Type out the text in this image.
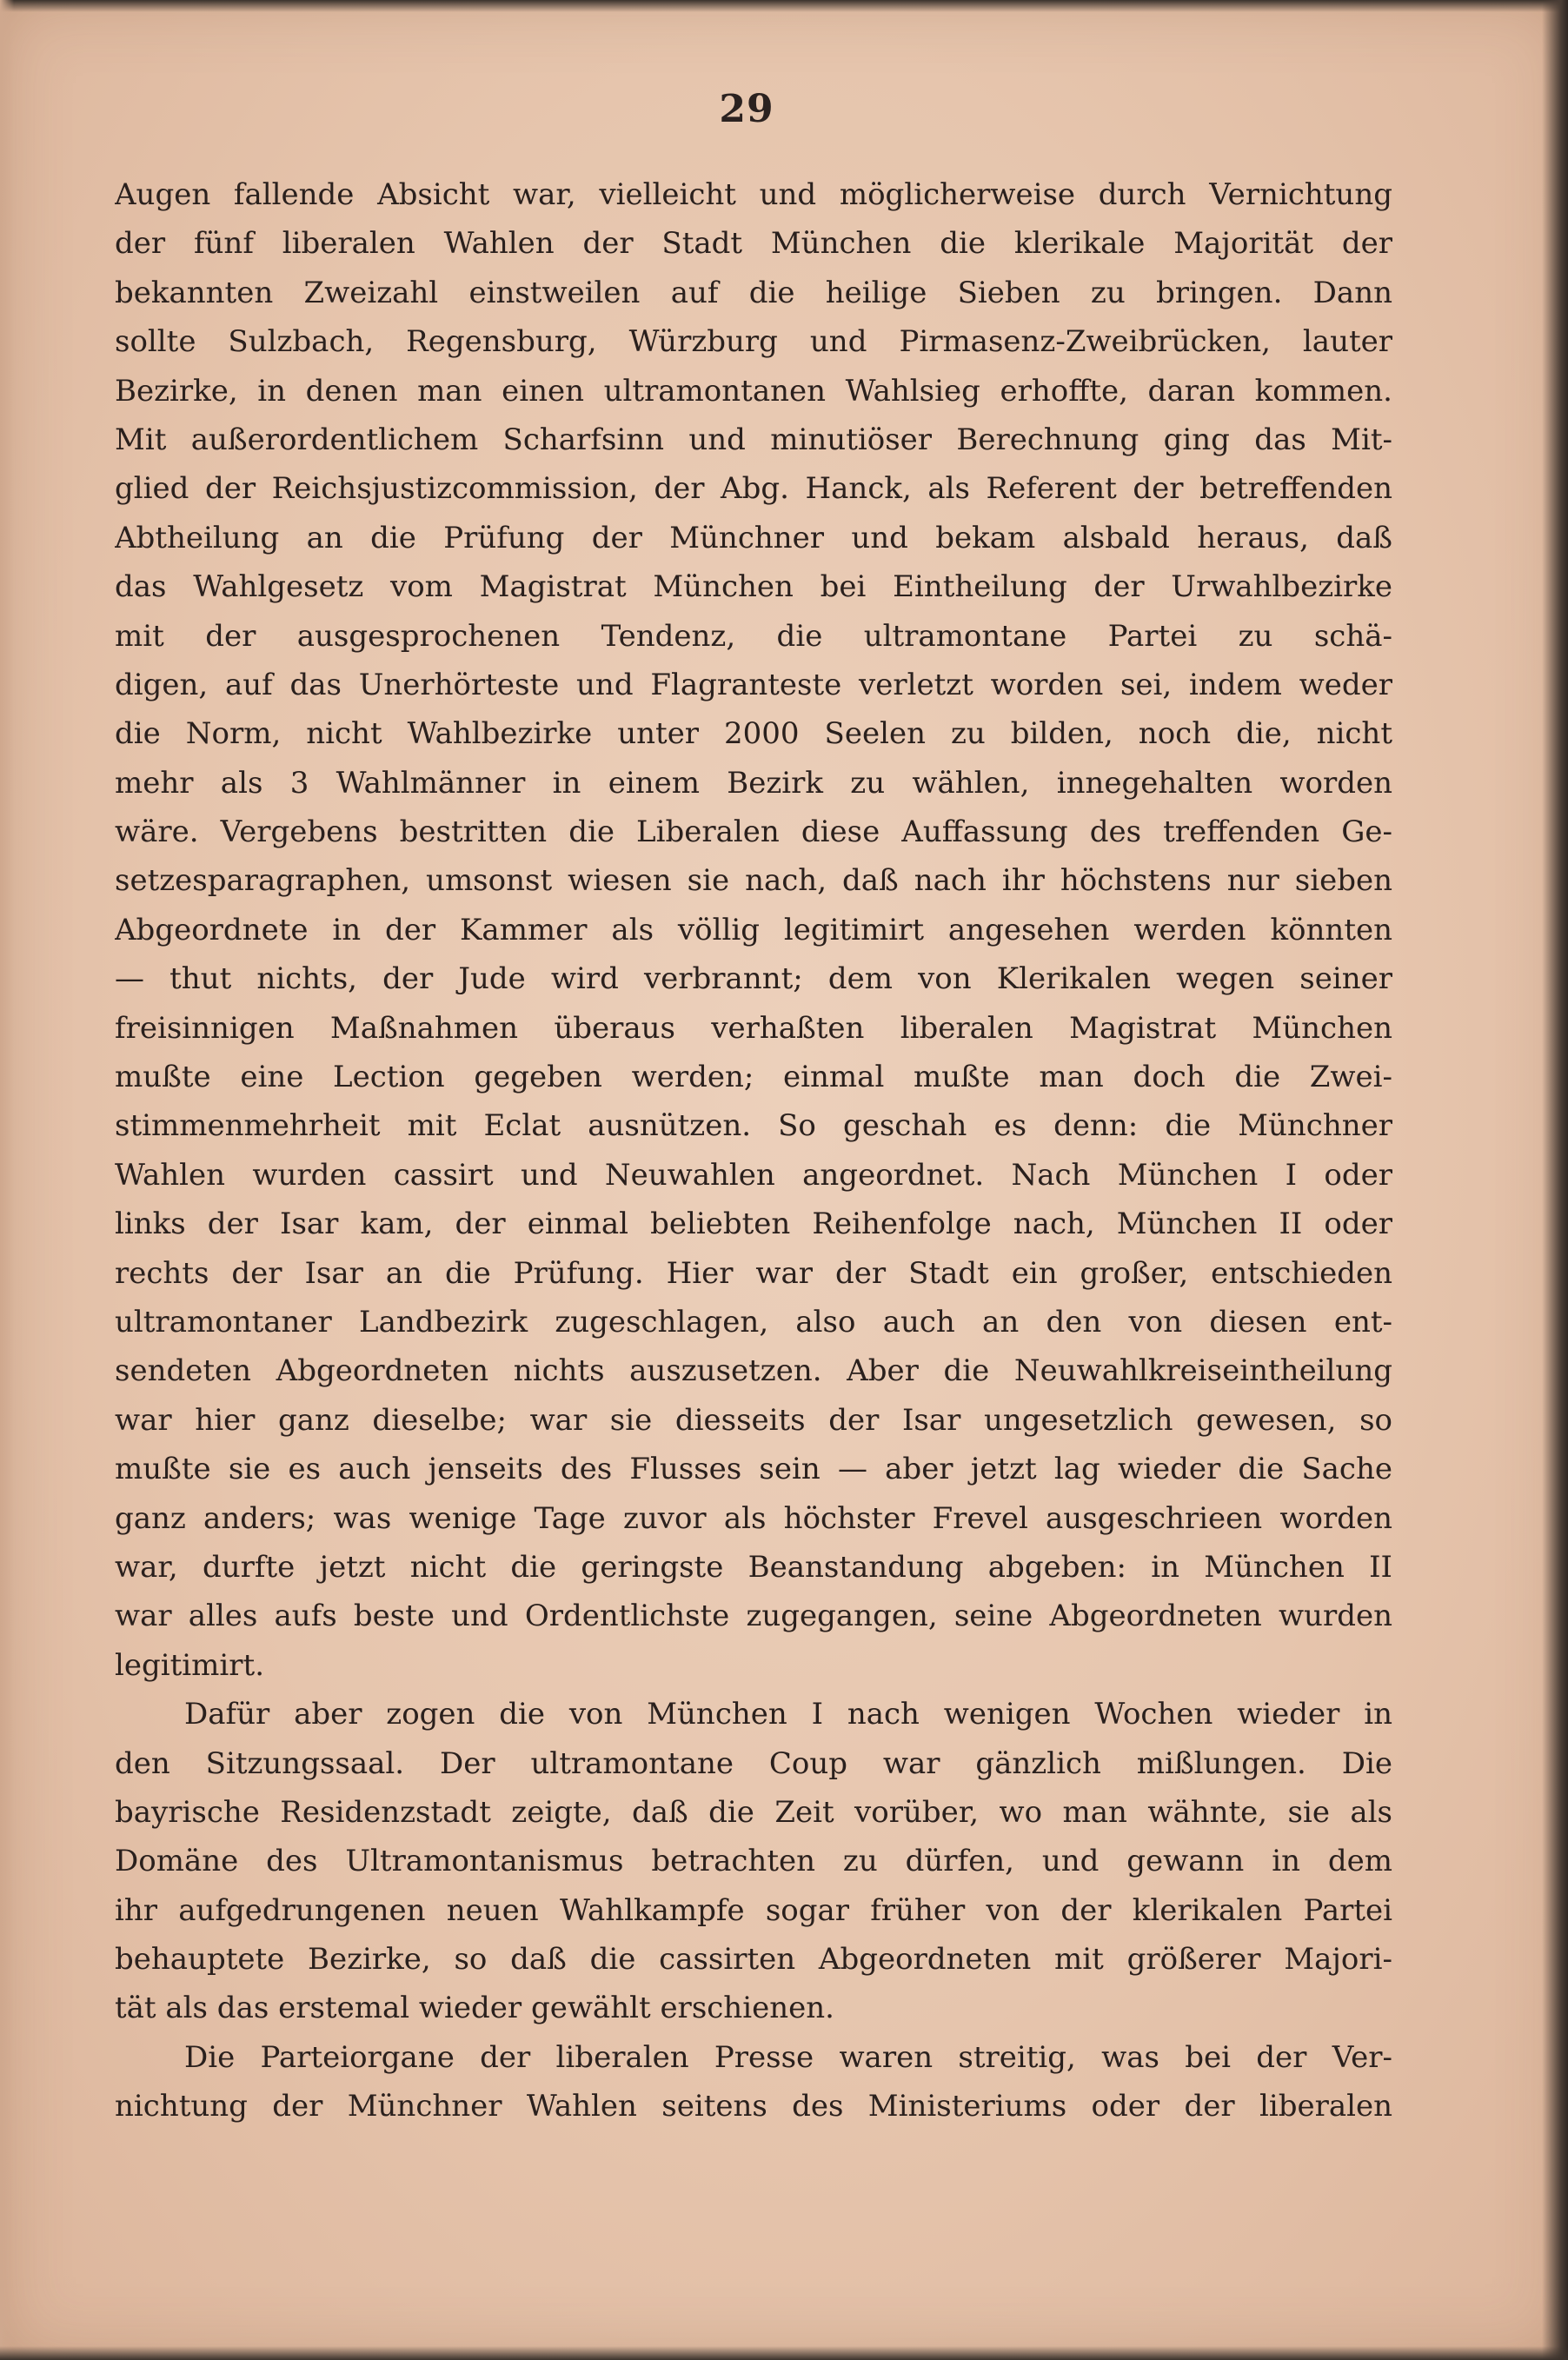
29
Augen fallende Absicht war, vielleicht und möglicherweise durch Vernichtung
der fünf liberalen Wahlen der Stadt München die klerikale Majorität der
bekannten Zweizahl einstweilen auf die heilige Sieben zu bringen. Dann
sollte Sulzbach, Regensburg, Würzburg und Pirmasenz-Zweibrücken, lauter
Bezirke, in denen man einen ultramontanen Wahlsieg erhoffte, daran kommen.
Mit außerordentlichem Scharfsinn und minutiöser Berechnung ging das Mit-
glied der Reichsjustizcommission, der Abg. Hanck, als Referent der betreffenden
Abtheilung an die Prüfung der Münchner und bekam alsbald heraus, daß
das Wahlgesetz vom Magistrat München bei Eintheilung der Urwahlbezirke
mit der ausgesprochenen Tendenz, die ultramontane Partei zu schä-
digen, auf das Unerhörteste und Flagranteste verletzt worden sei, indem weder
die Norm, nicht Wahlbezirke unter 2000 Seelen zu bilden, noch die, nicht
mehr als 3 Wahlmänner in einem Bezirk zu wählen, innegehalten worden
wäre. Vergebens bestritten die Liberalen diese Auffassung des treffenden Ge-
setzesparagraphen, umsonst wiesen sie nach, daß nach ihr höchstens nur sieben
Abgeordnete in der Kammer als völlig legitimirt angesehen werden könnten
— thut nichts, der Jude wird verbrannt; dem von Klerikalen wegen seiner
freisinnigen Maßnahmen überaus verhaßten liberalen Magistrat München
mußte eine Lection gegeben werden; einmal mußte man doch die Zwei-
stimmenmehrheit mit Eclat ausnützen. So geschah es denn: die Münchner
Wahlen wurden cassirt und Neuwahlen angeordnet. Nach München I oder
links der Isar kam, der einmal beliebten Reihenfolge nach, München II oder
rechts der Isar an die Prüfung. Hier war der Stadt ein großer, entschieden
ultramontaner Landbezirk zugeschlagen, also auch an den von diesen ent-
sendeten Abgeordneten nichts auszusetzen. Aber die Neuwahlkreiseintheilung
war hier ganz dieselbe; war sie diesseits der Isar ungesetzlich gewesen, so
mußte sie es auch jenseits des Flusses sein — aber jetzt lag wieder die Sache
ganz anders; was wenige Tage zuvor als höchster Frevel ausgeschrieen worden
war, durfte jetzt nicht die geringste Beanstandung abgeben: in München II
war alles aufs beste und Ordentlichste zugegangen, seine Abgeordneten wurden
legitimirt.
Dafür aber zogen die von München I nach wenigen Wochen wieder in
den Sitzungssaal. Der ultramontane Coup war gänzlich mißlungen. Die
bayrische Residenzstadt zeigte, daß die Zeit vorüber, wo man wähnte, sie als
Domäne des Ultramontanismus betrachten zu dürfen, und gewann in dem
ihr aufgedrungenen neuen Wahlkampfe sogar früher von der klerikalen Partei
behauptete Bezirke, so daß die cassirten Abgeordneten mit größerer Majori-
tät als das erstemal wieder gewählt erschienen.
Die Parteiorgane der liberalen Presse waren streitig, was bei der Ver-
nichtung der Münchner Wahlen seitens des Ministeriums oder der liberalen
